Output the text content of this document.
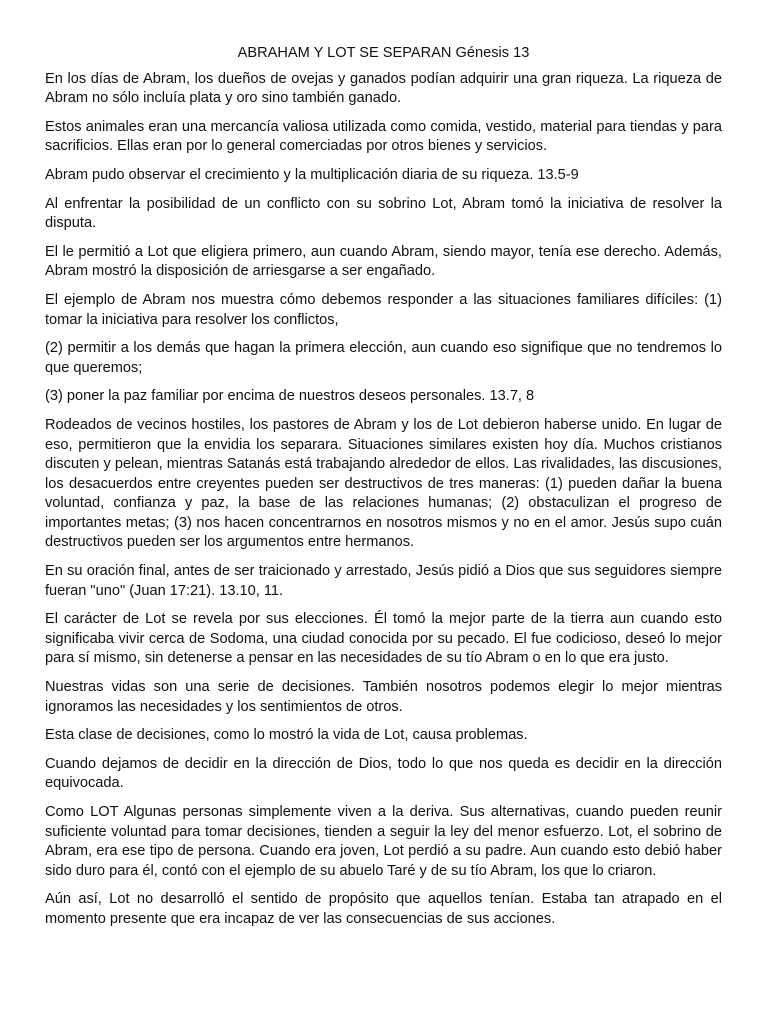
ABRAHAM Y LOT SE SEPARAN Génesis 13

En los días de Abram, los dueños de ovejas y ganados podían adquirir una gran riqueza. La riqueza de Abram no sólo incluía plata y oro sino también ganado.

Estos animales eran una mercancía valiosa utilizada como comida, vestido, material para tiendas y para sacrificios. Ellas eran por lo general comerciadas por otros bienes y servicios.

Abram pudo observar el crecimiento y la multiplicación diaria de su riqueza. 13.5-9

Al enfrentar la posibilidad de un conflicto con su sobrino Lot, Abram tomó la iniciativa de resolver la disputa.

El le permitió a Lot que eligiera primero, aun cuando Abram, siendo mayor, tenía ese derecho. Además, Abram mostró la disposición de arriesgarse a ser engañado.

El ejemplo de Abram nos muestra cómo debemos responder a las situaciones familiares difíciles: (1) tomar la iniciativa para resolver los conflictos,

(2) permitir a los demás que hagan la primera elección, aun cuando eso signifique que no tendremos lo que queremos;

(3) poner la paz familiar por encima de nuestros deseos personales. 13.7, 8

Rodeados de vecinos hostiles, los pastores de Abram y los de Lot debieron haberse unido. En lugar de eso, permitieron que la envidia los separara. Situaciones similares existen hoy día. Muchos cristianos discuten y pelean, mientras Satanás está trabajando alrededor de ellos. Las rivalidades, las discusiones, los desacuerdos entre creyentes pueden ser destructivos de tres maneras: (1) pueden dañar la buena voluntad, confianza y paz, la base de las relaciones humanas; (2) obstaculizan el progreso de importantes metas; (3) nos hacen concentrarnos en nosotros mismos y no en el amor. Jesús supo cuán destructivos pueden ser los argumentos entre hermanos.

En su oración final, antes de ser traicionado y arrestado, Jesús pidió a Dios que sus seguidores siempre fueran "uno" (Juan 17:21). 13.10, 11.

El carácter de Lot se revela por sus elecciones. Él tomó la mejor parte de la tierra aun cuando esto significaba vivir cerca de Sodoma, una ciudad conocida por su pecado. El fue codicioso, deseó lo mejor para sí mismo, sin detenerse a pensar en las necesidades de su tío Abram o en lo que era justo.

Nuestras vidas son una serie de decisiones. También nosotros podemos elegir lo mejor mientras ignoramos las necesidades y los sentimientos de otros.

Esta clase de decisiones, como lo mostró la vida de Lot, causa problemas.

Cuando dejamos de decidir en la dirección de Dios, todo lo que nos queda es decidir en la dirección equivocada.

Como LOT Algunas personas simplemente viven a la deriva. Sus alternativas, cuando pueden reunir suficiente voluntad para tomar decisiones, tienden a seguir la ley del menor esfuerzo. Lot, el sobrino de Abram, era ese tipo de persona. Cuando era joven, Lot perdió a su padre. Aun cuando esto debió haber sido duro para él, contó con el ejemplo de su abuelo Taré y de su tío Abram, los que lo criaron.

Aún así, Lot no desarrolló el sentido de propósito que aquellos tenían. Estaba tan atrapado en el momento presente que era incapaz de ver las consecuencias de sus acciones.
